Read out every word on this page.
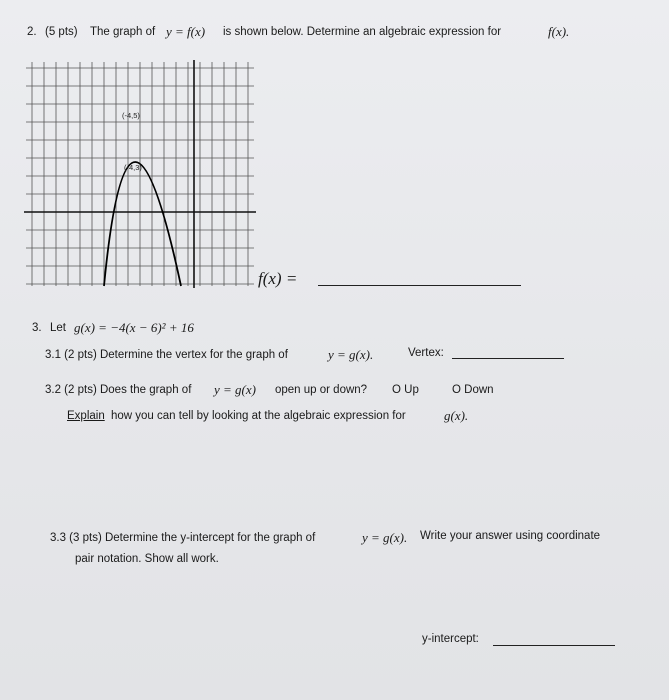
2. (5 pts) The graph of y = f(x) is shown below. Determine an algebraic expression for	f(x).
(-4,5)
(-4,3)
f(x) =
3. Let g(x) = −4(x − 6)² + 16
3.1 (2 pts) Determine the vertex for the graph of	y = g(x).	Vertex:
3.2 (2 pts) Does the graph of y = g(x) open up or down? O Up	O Down
Explain how you can tell by looking at the algebraic expression for	g(x).
3.3 (3 pts) Determine the y-intercept for the graph of	y = g(x). Write your answer using coordinate
pair notation. Show all work.
y-intercept:
